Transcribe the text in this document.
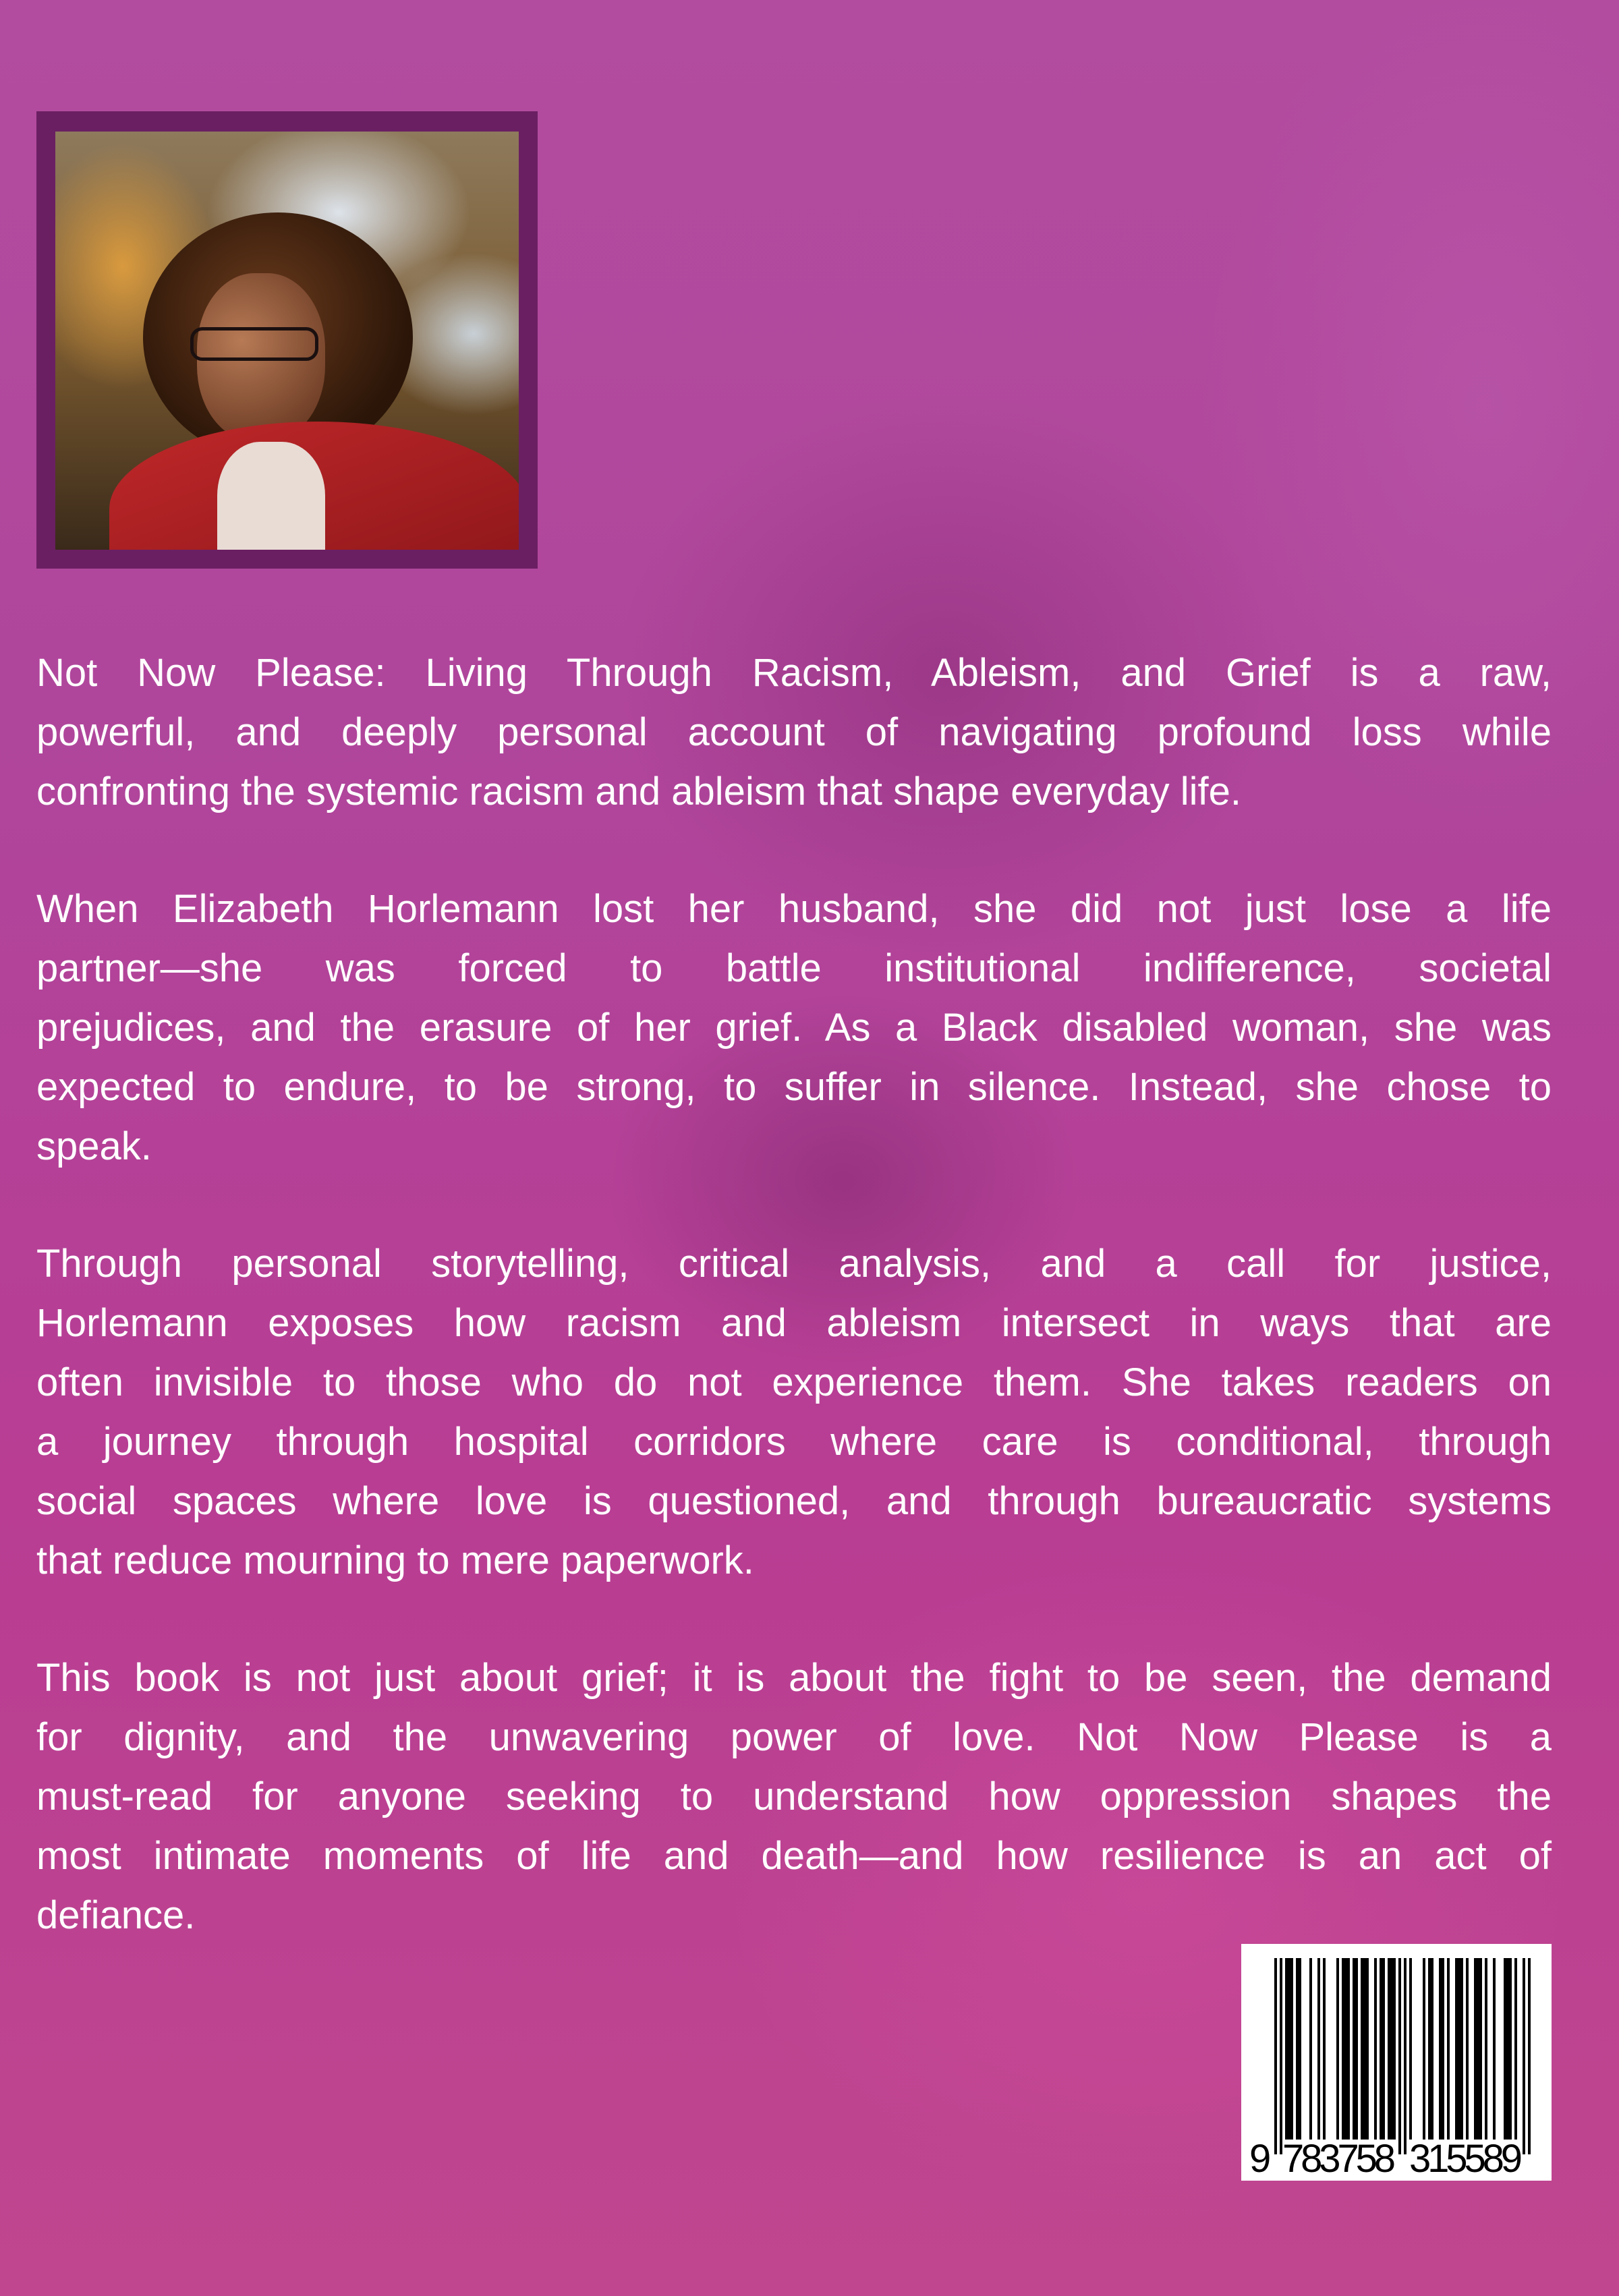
Not Now Please: Living Through Racism, Ableism, and Grief is a raw,
powerful, and deeply personal account of navigating profound loss while
confronting the systemic racism and ableism that shape everyday life.
When Elizabeth Horlemann lost her husband, she did not just lose a life
partner—she was forced to battle institutional indifference, societal
prejudices, and the erasure of her grief. As a Black disabled woman, she was
expected to endure, to be strong, to suffer in silence. Instead, she chose to
speak.
Through personal storytelling, critical analysis, and a call for justice,
Horlemann exposes how racism and ableism intersect in ways that are
often invisible to those who do not experience them. She takes readers on
a journey through hospital corridors where care is conditional, through
social spaces where love is questioned, and through bureaucratic systems
that reduce mourning to mere paperwork.
This book is not just about grief; it is about the fight to be seen, the demand
for dignity, and the unwavering power of love. Not Now Please is a
must-read for anyone seeking to understand how oppression shapes the
most intimate moments of life and death—and how resilience is an act of
defiance.
9 783758 315589
